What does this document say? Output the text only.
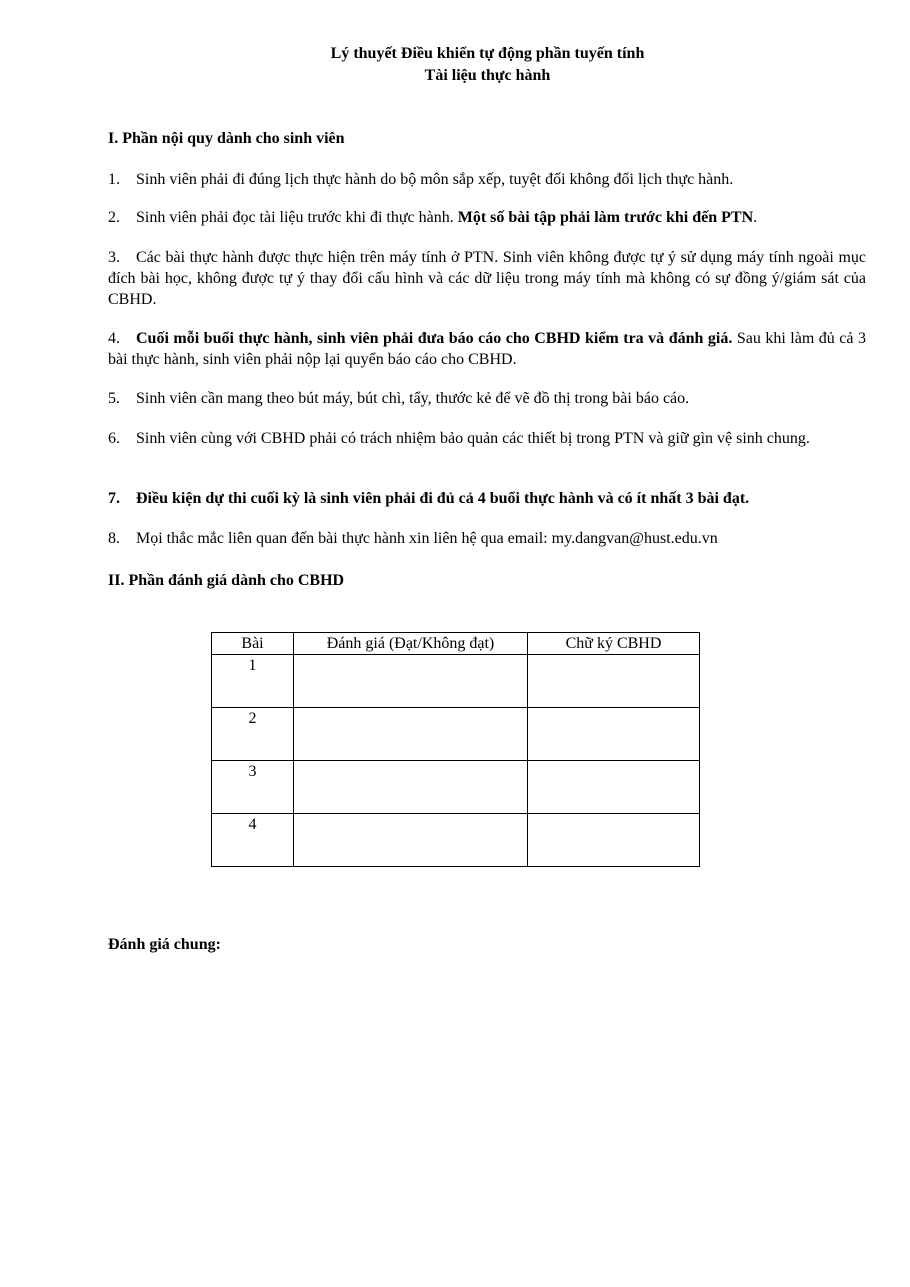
Lý thuyết Điều khiển tự động phần tuyến tính
Tài liệu thực hành
I. Phần nội quy dành cho sinh viên
1. Sinh viên phải đi đúng lịch thực hành do bộ môn sắp xếp, tuyệt đối không đổi lịch thực hành.
2. Sinh viên phải đọc tài liệu trước khi đi thực hành. Một số bài tập phải làm trước khi đến PTN.
3. Các bài thực hành được thực hiện trên máy tính ở PTN. Sinh viên không được tự ý sử dụng máy tính ngoài mục đích bài học, không được tự ý thay đổi cấu hình và các dữ liệu trong máy tính mà không có sự đồng ý/giám sát của CBHD.
4. Cuối mỗi buổi thực hành, sinh viên phải đưa báo cáo cho CBHD kiểm tra và đánh giá. Sau khi làm đủ cả 3 bài thực hành, sinh viên phải nộp lại quyển báo cáo cho CBHD.
5. Sinh viên cần mang theo bút máy, bút chì, tẩy, thước kẻ để vẽ đồ thị trong bài báo cáo.
6. Sinh viên cùng với CBHD phải có trách nhiệm bảo quản các thiết bị trong PTN và giữ gìn vệ sinh chung.
7. Điều kiện dự thi cuối kỳ là sinh viên phải đi đủ cả 4 buổi thực hành và có ít nhất 3 bài đạt.
8. Mọi thắc mắc liên quan đến bài thực hành xin liên hệ qua email: my.dangvan@hust.edu.vn
II. Phần đánh giá dành cho CBHD
Bài	Đánh giá (Đạt/Không đạt)	Chữ ký CBHD
1		
2		
3		
4		
Đánh giá chung:
